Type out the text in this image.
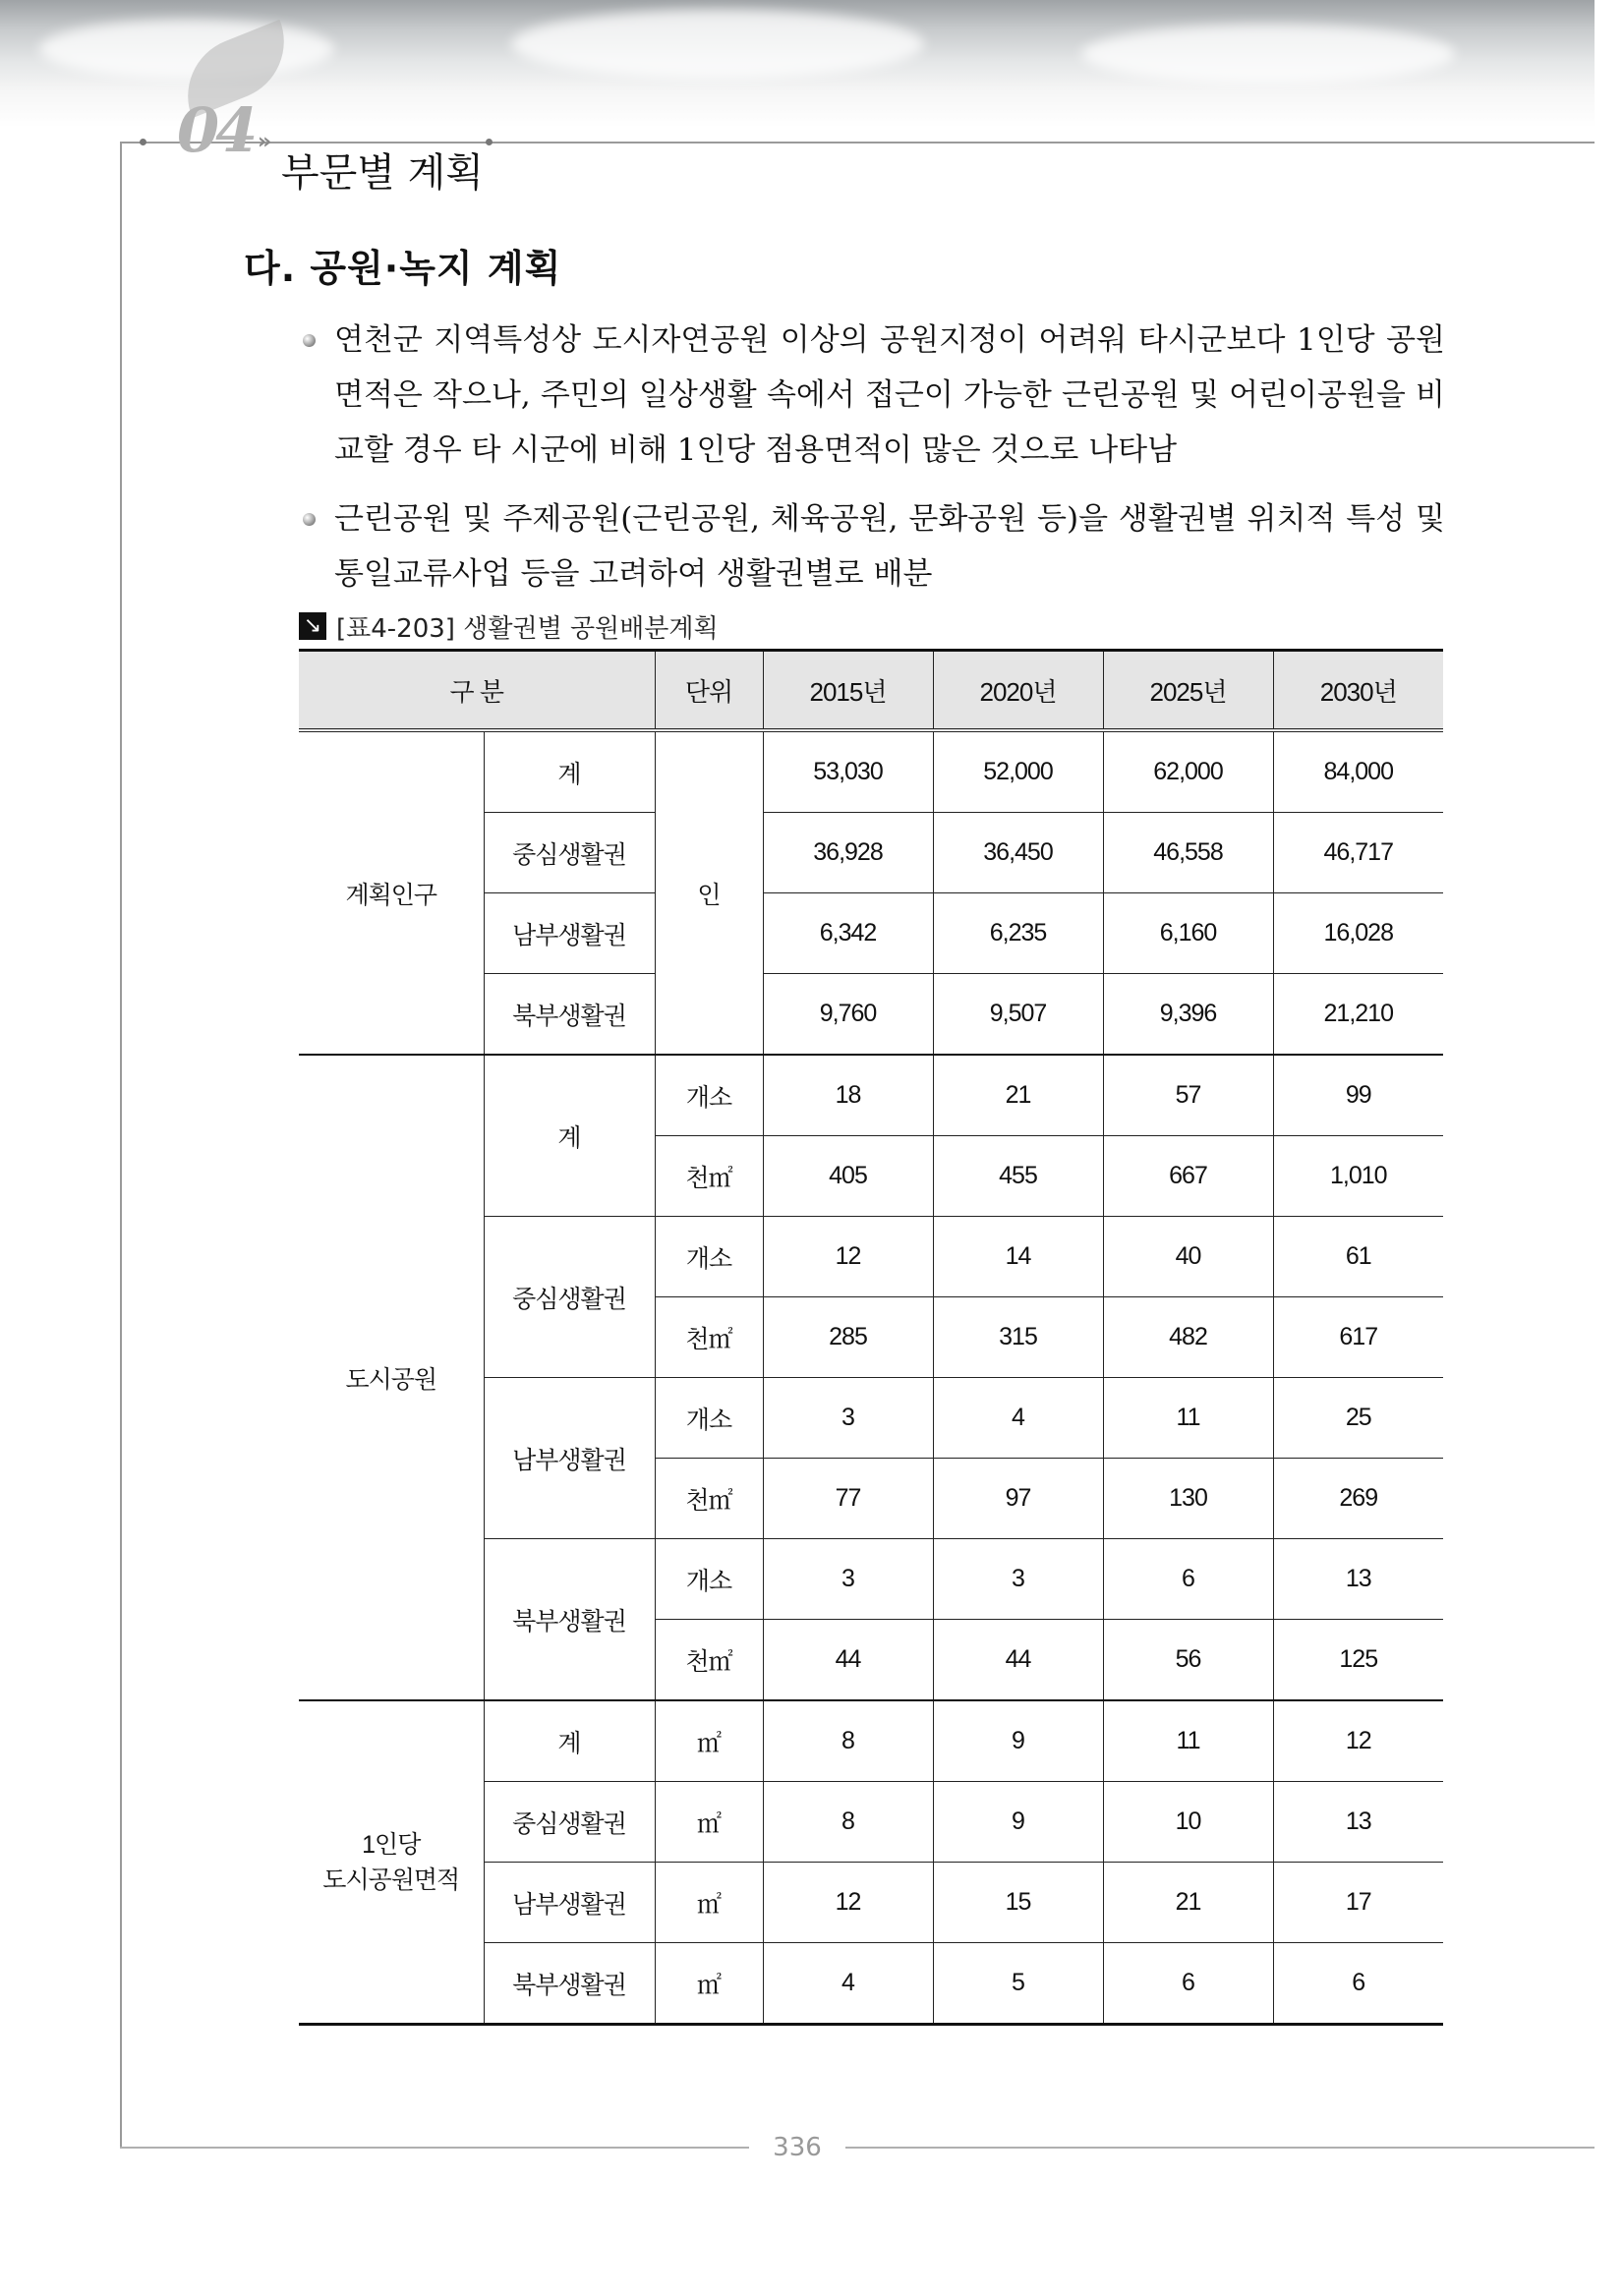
04 »
부문별 계획
다. 공원·녹지 계획
연천군 지역특성상 도시자연공원 이상의 공원지정이 어려워 타시군보다 1인당 공원면적은 작으나, 주민의 일상생활 속에서 접근이 가능한 근린공원 및 어린이공원을 비교할 경우 타 시군에 비해 1인당 점용면적이 많은 것으로 나타남
근린공원 및 주제공원(근린공원, 체육공원, 문화공원 등)을 생활권별 위치적 특성 및 통일교류사업 등을 고려하여 생활권별로 배분
↘ [표4-203] 생활권별 공원배분계획
구 분		단위	2015년	2020년	2025년	2030년
계획인구	계	인	53,030	52,000	62,000	84,000
	중심생활권		36,928	36,450	46,558	46,717
	남부생활권		6,342	6,235	6,160	16,028
	북부생활권		9,760	9,507	9,396	21,210
도시공원	계	개소	18	21	57	99
		천㎡	405	455	667	1,010
	중심생활권	개소	12	14	40	61
		천㎡	285	315	482	617
	남부생활권	개소	3	4	11	25
		천㎡	77	97	130	269
	북부생활권	개소	3	3	6	13
		천㎡	44	44	56	125
1인당
도시공원면적	계	㎡	8	9	11	12
	중심생활권	㎡	8	9	10	13
	남부생활권	㎡	12	15	21	17
	북부생활권	㎡	4	5	6	6
336
